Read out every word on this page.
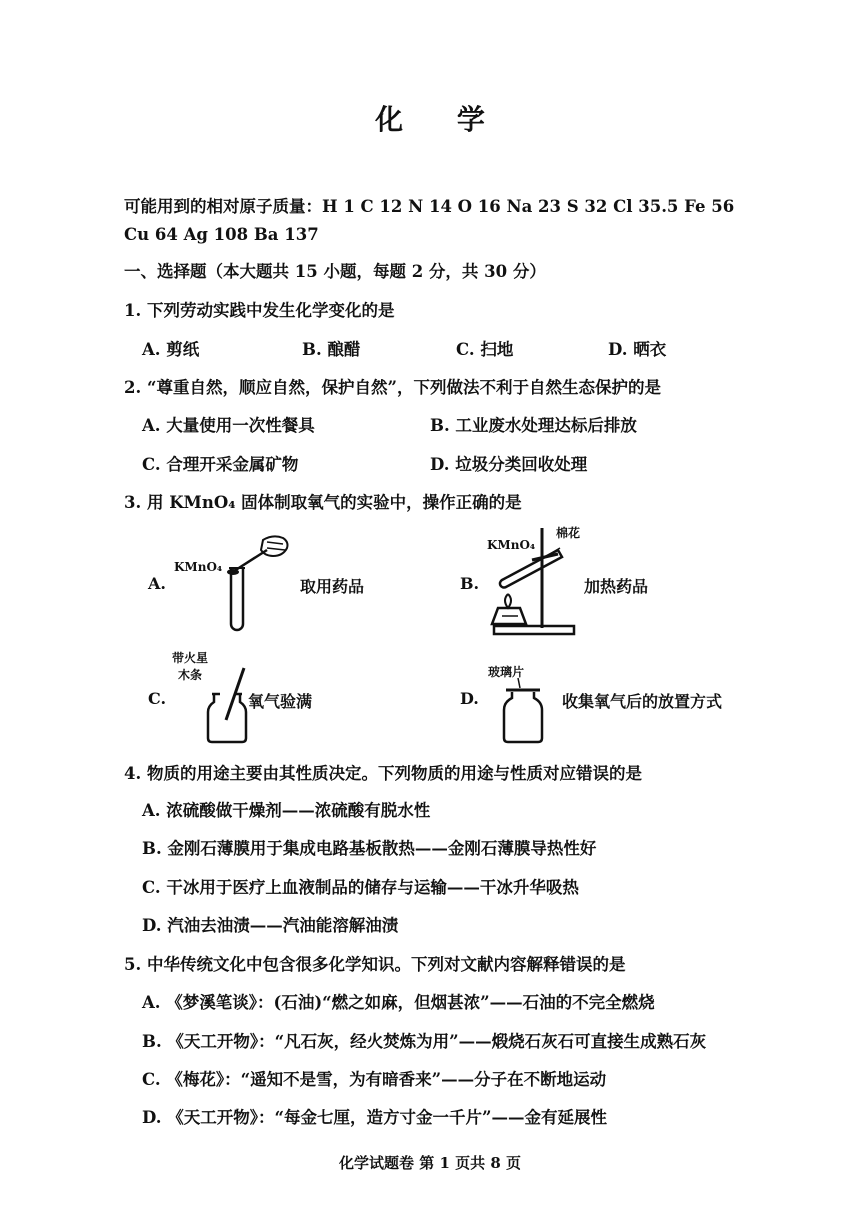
化 学
可能用到的相对原子质量：H 1 C 12 N 14 O 16 Na 23 S 32 Cl 35.5 Fe 56
Cu 64 Ag 108 Ba 137
一、选择题（本大题共 15 小题，每题 2 分，共 30 分）
1. 下列劳动实践中发生化学变化的是
A. 剪纸	B. 酿醋	C. 扫地	D. 晒衣
2. “尊重自然，顺应自然，保护自然”，下列做法不利于自然生态保护的是
A. 大量使用一次性餐具	B. 工业废水处理达标后排放
C. 合理开采金属矿物	D. 垃圾分类回收处理
3. 用 KMnO₄ 固体制取氧气的实验中，操作正确的是
A.
KMnO₄
取用药品	B.
KMnO₄
棉花
加热药品
带火星
木条
C.	氧气验满
玻璃片
D.	收集氧气后的放置方式
4. 物质的用途主要由其性质决定。下列物质的用途与性质对应错误的是
A. 浓硫酸做干燥剂——浓硫酸有脱水性
B. 金刚石薄膜用于集成电路基板散热——金刚石薄膜导热性好
C. 干冰用于医疗上血液制品的储存与运输——干冰升华吸热
D. 汽油去油渍——汽油能溶解油渍
5. 中华传统文化中包含很多化学知识。下列对文献内容解释错误的是
A. 《梦溪笔谈》：(石油)“燃之如麻，但烟甚浓”——石油的不完全燃烧
B. 《天工开物》：“凡石灰，经火焚炼为用”——煅烧石灰石可直接生成熟石灰
C. 《梅花》：“遥知不是雪，为有暗香来”——分子在不断地运动
D. 《天工开物》：“每金七厘，造方寸金一千片”——金有延展性
化学试题卷 第 1 页共 8 页
